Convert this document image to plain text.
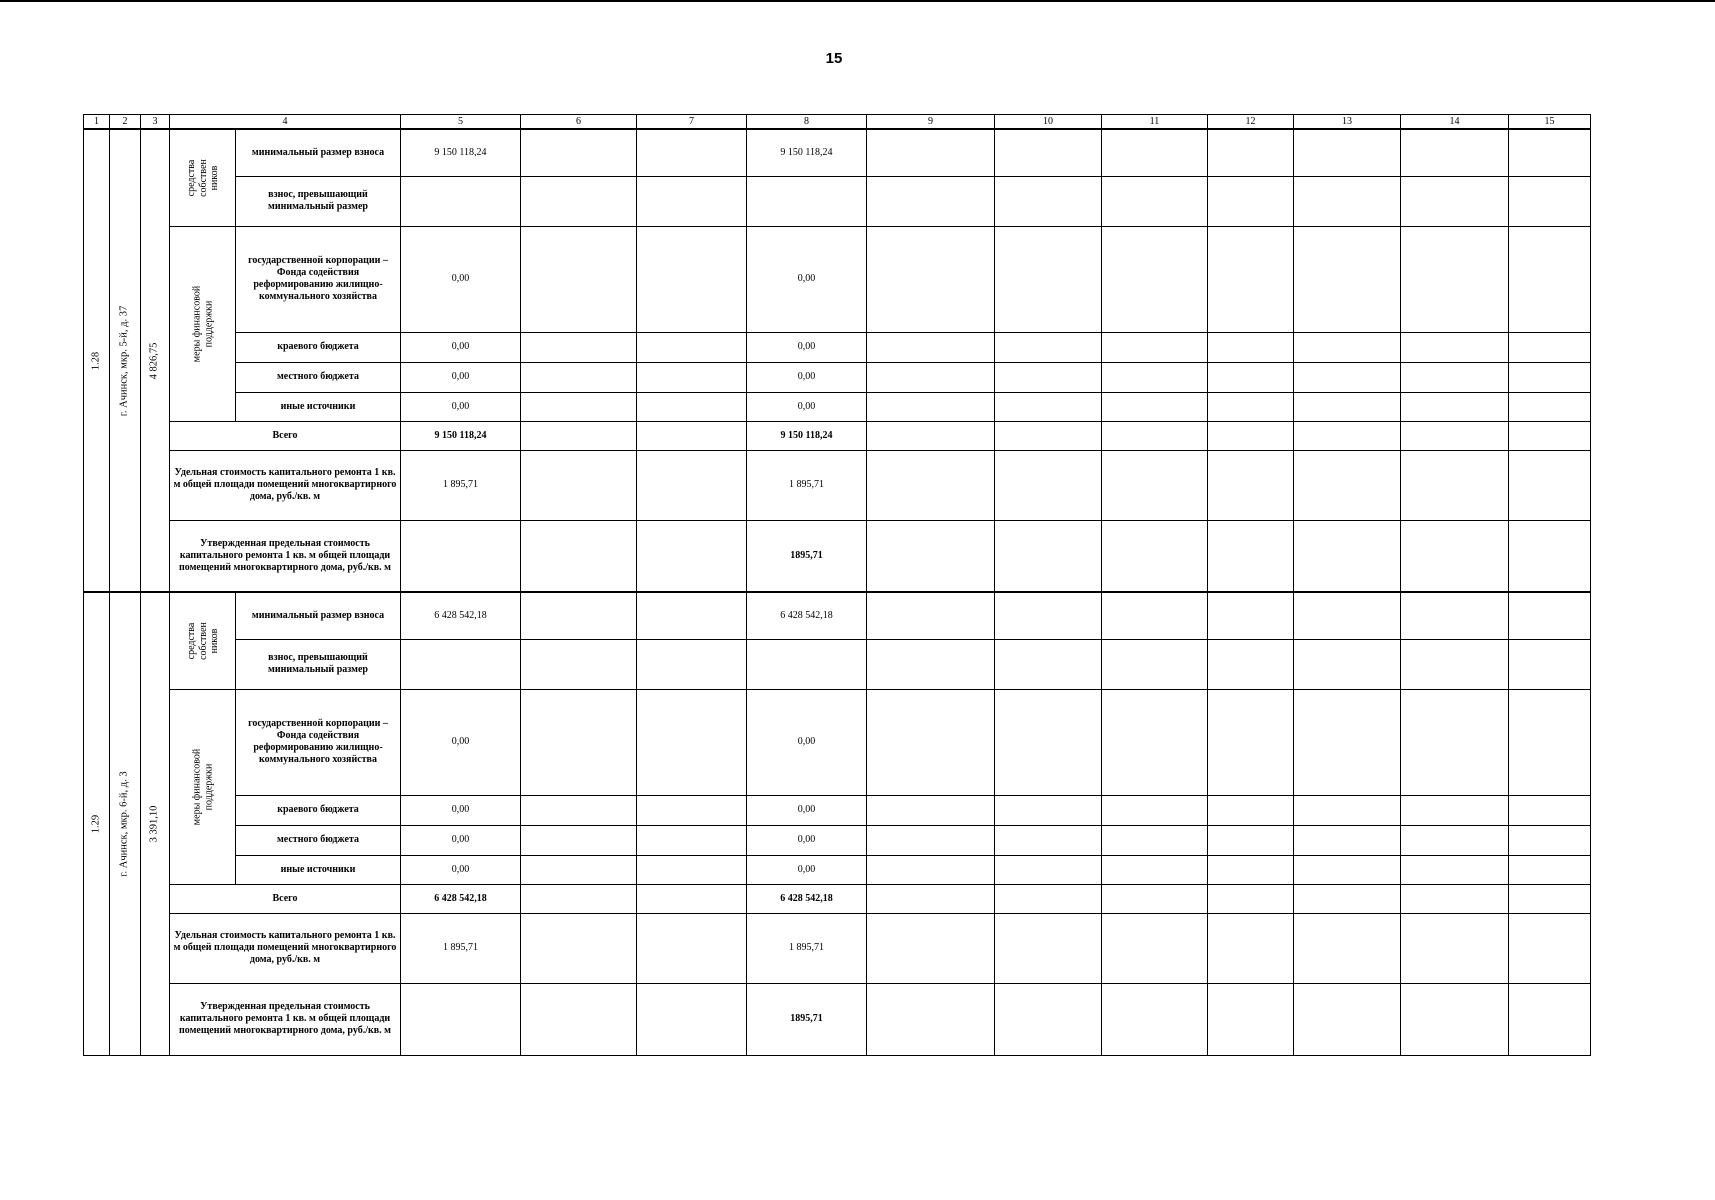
15
1	2	3	4		5	6	7	8	9	10	11	12	13	14	15

1.28	г. Ачинск, мкр. 5-й, д. 37	4 826,75	средства собствен ников	минимальный размер взноса	9 150 118,24			9 150 118,24							
				взнос, превышающий минимальный размер											

			меры финансовой поддержки	государственной корпорации – Фонда содействия реформированию жилищно-коммунального хозяйства	0,00			0,00							
				краевого бюджета	0,00			0,00							
				местного бюджета	0,00			0,00							
				иные источники	0,00			0,00							
			Всего		9 150 118,24			9 150 118,24							
			Удельная стоимость капитального ремонта 1 кв. м общей площади помещений многоквартирного дома, руб./кв. м		1 895,71			1 895,71							
			Утвержденная предельная стоимость капитального ремонта 1 кв. м общей площади помещений многоквартирного дома, руб./кв. м					1895,71							

1.29	г. Ачинск, мкр. 6-й, д. 3	3 391,10	средства собствен ников	минимальный размер взноса	6 428 542,18			6 428 542,18							
				взнос, превышающий минимальный размер											

			меры финансовой поддержки	государственной корпорации – Фонда содействия реформированию жилищно-коммунального хозяйства	0,00			0,00							
				краевого бюджета	0,00			0,00							
				местного бюджета	0,00			0,00							
				иные источники	0,00			0,00							
			Всего		6 428 542,18			6 428 542,18							
			Удельная стоимость капитального ремонта 1 кв. м общей площади помещений многоквартирного дома, руб./кв. м		1 895,71			1 895,71							
			Утвержденная предельная стоимость капитального ремонта 1 кв. м общей площади помещений многоквартирного дома, руб./кв. м					1895,71							
